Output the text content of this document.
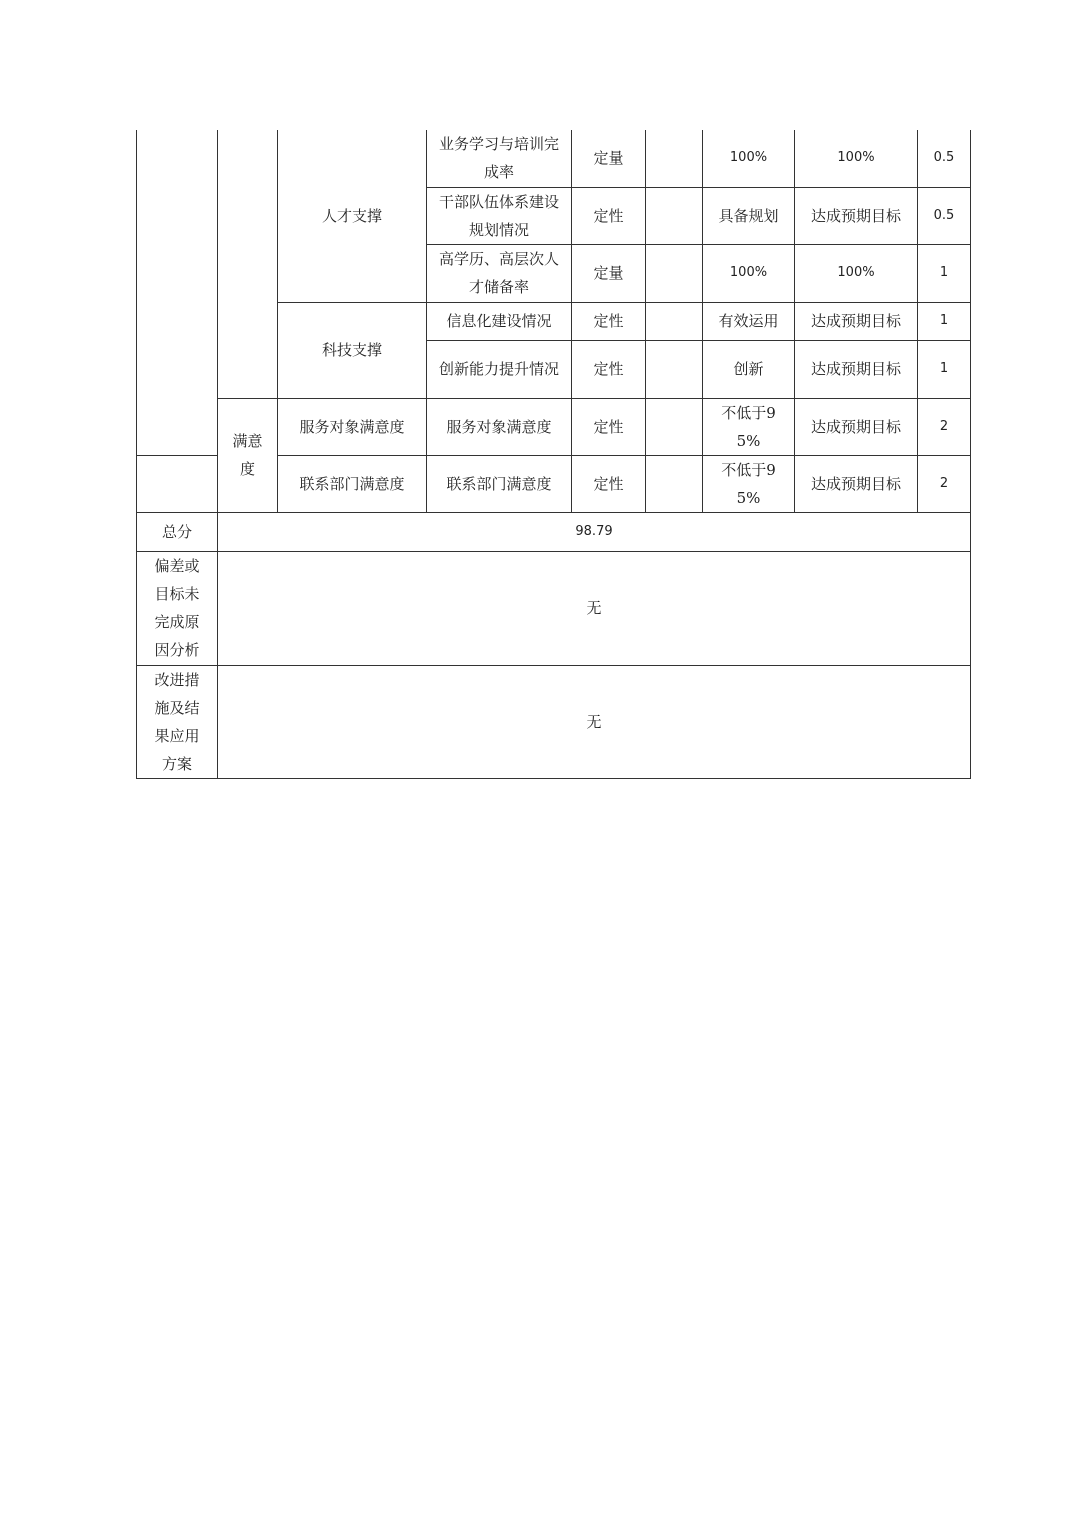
		人才支撑	业务学习与培训完成率	定量		100%	100%	0.5
			干部队伍体系建设规划情况	定性		具备规划	达成预期目标	0.5
			高学历、高层次人才储备率	定量		100%	100%	1
		科技支撑	信息化建设情况	定性		有效运用	达成预期目标	1
			创新能力提升情况	定性		创新	达成预期目标	1
	满意度	服务对象满意度	服务对象满意度	定性		不低于95%	达成预期目标	2
		联系部门满意度	联系部门满意度	定性		不低于95%	达成预期目标	2
总分	98.79							
偏差或目标未完成原因分析	无							
改进措施及结果应用方案	无							
